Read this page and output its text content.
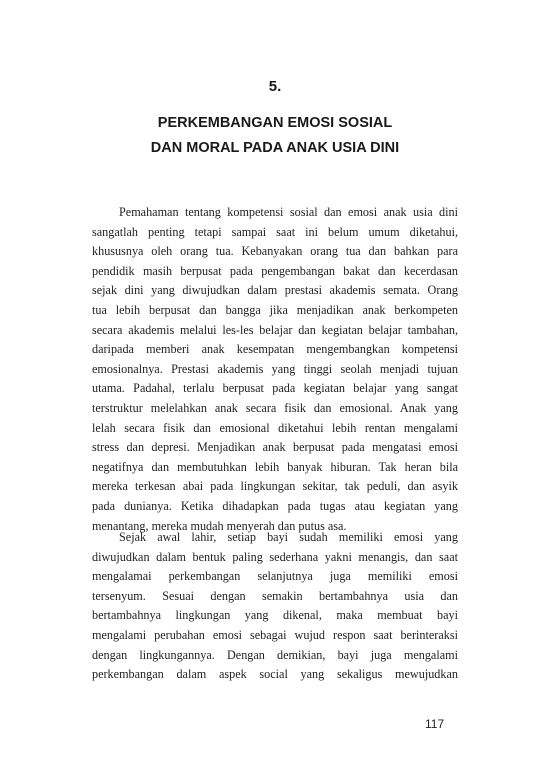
5.
PERKEMBANGAN EMOSI SOSIAL
DAN MORAL PADA ANAK USIA DINI
Pemahaman tentang kompetensi sosial dan emosi anak usia dini
sangatlah penting tetapi sampai saat ini belum umum diketahui,
khususnya oleh orang tua. Kebanyakan orang tua dan bahkan para
pendidik masih berpusat pada pengembangan bakat dan kecerdasan
sejak dini yang diwujudkan dalam prestasi akademis semata. Orang
tua lebih berpusat dan bangga jika menjadikan anak berkompeten
secara akademis melalui les-les belajar dan kegiatan belajar tambahan,
daripada memberi anak kesempatan mengembangkan kompetensi
emosionalnya. Prestasi akademis yang tinggi seolah menjadi tujuan
utama. Padahal, terlalu berpusat pada kegiatan belajar yang sangat
terstruktur melelahkan anak secara fisik dan emosional. Anak yang
lelah secara fisik dan emosional diketahui lebih rentan mengalami
stress dan depresi. Menjadikan anak berpusat pada mengatasi emosi
negatifnya dan membutuhkan lebih banyak hiburan. Tak heran bila
mereka terkesan abai pada lingkungan sekitar, tak peduli, dan asyik
pada dunianya. Ketika dihadapkan pada tugas atau kegiatan yang
menantang, mereka mudah menyerah dan putus asa.
Sejak awal lahir, setiap bayi sudah memiliki emosi yang
diwujudkan dalam bentuk paling sederhana yakni menangis, dan saat
mengalamai perkembangan selanjutnya juga memiliki emosi
tersenyum. Sesuai dengan semakin bertambahnya usia dan
bertambahnya lingkungan yang dikenal, maka membuat bayi
mengalami perubahan emosi sebagai wujud respon saat berinteraksi
dengan lingkungannya. Dengan demikian, bayi juga mengalami
perkembangan dalam aspek social yang sekaligus mewujudkan
117
